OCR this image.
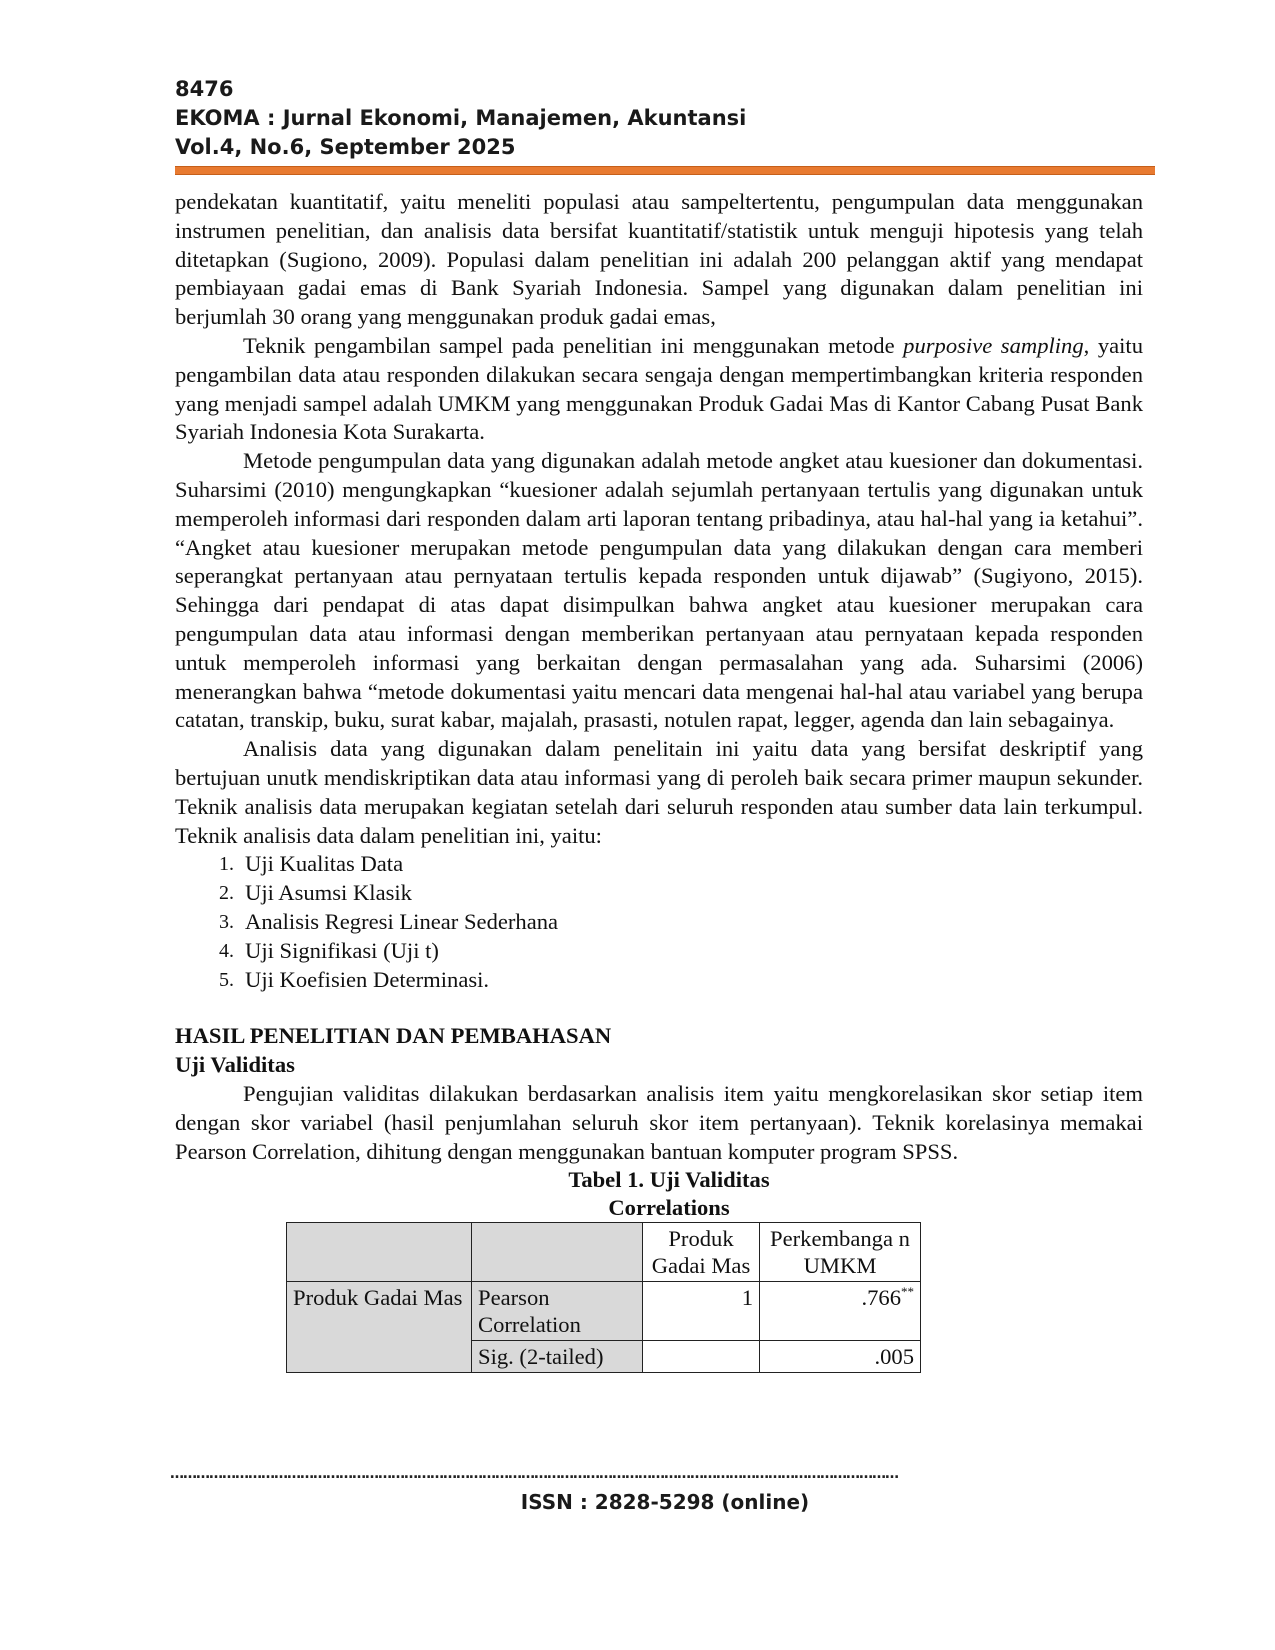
8476
EKOMA : Jurnal Ekonomi, Manajemen, Akuntansi
Vol.4, No.6, September 2025

pendekatan kuantitatif, yaitu meneliti populasi atau sampeltertentu, pengumpulan data menggunakan instrumen penelitian, dan analisis data bersifat kuantitatif/statistik untuk menguji hipotesis yang telah ditetapkan (Sugiono, 2009). Populasi dalam penelitian ini adalah 200 pelanggan aktif yang mendapat pembiayaan gadai emas di Bank Syariah Indonesia. Sampel yang digunakan dalam penelitian ini berjumlah 30 orang yang menggunakan produk gadai emas,

Teknik pengambilan sampel pada penelitian ini menggunakan metode purposive sampling, yaitu pengambilan data atau responden dilakukan secara sengaja dengan mempertimbangkan kriteria responden yang menjadi sampel adalah UMKM yang menggunakan Produk Gadai Mas di Kantor Cabang Pusat Bank Syariah Indonesia Kota Surakarta.

Metode pengumpulan data yang digunakan adalah metode angket atau kuesioner dan dokumentasi. Suharsimi (2010) mengungkapkan “kuesioner adalah sejumlah pertanyaan tertulis yang digunakan untuk memperoleh informasi dari responden dalam arti laporan tentang pribadinya, atau hal-hal yang ia ketahui”. “Angket atau kuesioner merupakan metode pengumpulan data yang dilakukan dengan cara memberi seperangkat pertanyaan atau pernyataan tertulis kepada responden untuk dijawab” (Sugiyono, 2015). Sehingga dari pendapat di atas dapat disimpulkan bahwa angket atau kuesioner merupakan cara pengumpulan data atau informasi dengan memberikan pertanyaan atau pernyataan kepada responden untuk memperoleh informasi yang berkaitan dengan permasalahan yang ada. Suharsimi (2006) menerangkan bahwa “metode dokumentasi yaitu mencari data mengenai hal-hal atau variabel yang berupa catatan, transkip, buku, surat kabar, majalah, prasasti, notulen rapat, legger, agenda dan lain sebagainya.

Analisis data yang digunakan dalam penelitain ini yaitu data yang bersifat deskriptif yang bertujuan unutk mendiskriptikan data atau informasi yang di peroleh baik secara primer maupun sekunder. Teknik analisis data merupakan kegiatan setelah dari seluruh responden atau sumber data lain terkumpul. Teknik analisis data dalam penelitian ini, yaitu:

1. Uji Kualitas Data
2. Uji Asumsi Klasik
3. Analisis Regresi Linear Sederhana
4. Uji Signifikasi (Uji t)
5. Uji Koefisien Determinasi.
HASIL PENELITIAN DAN PEMBAHASAN
Uji Validitas

Pengujian validitas dilakukan berdasarkan analisis item yaitu mengkorelasikan skor setiap item dengan skor variabel (hasil penjumlahan seluruh skor item pertanyaan). Teknik korelasinya memakai Pearson Correlation, dihitung dengan menggunakan bantuan komputer program SPSS.

Tabel 1. Uji Validitas
Correlations
		Produk Gadai Mas	Perkembanga n UMKM
Produk Gadai Mas	Pearson Correlation	1	.766**
	Sig. (2-tailed)		.005
……………………………………………………………………………………………………………………………………………………
ISSN : 2828-5298 (online)
